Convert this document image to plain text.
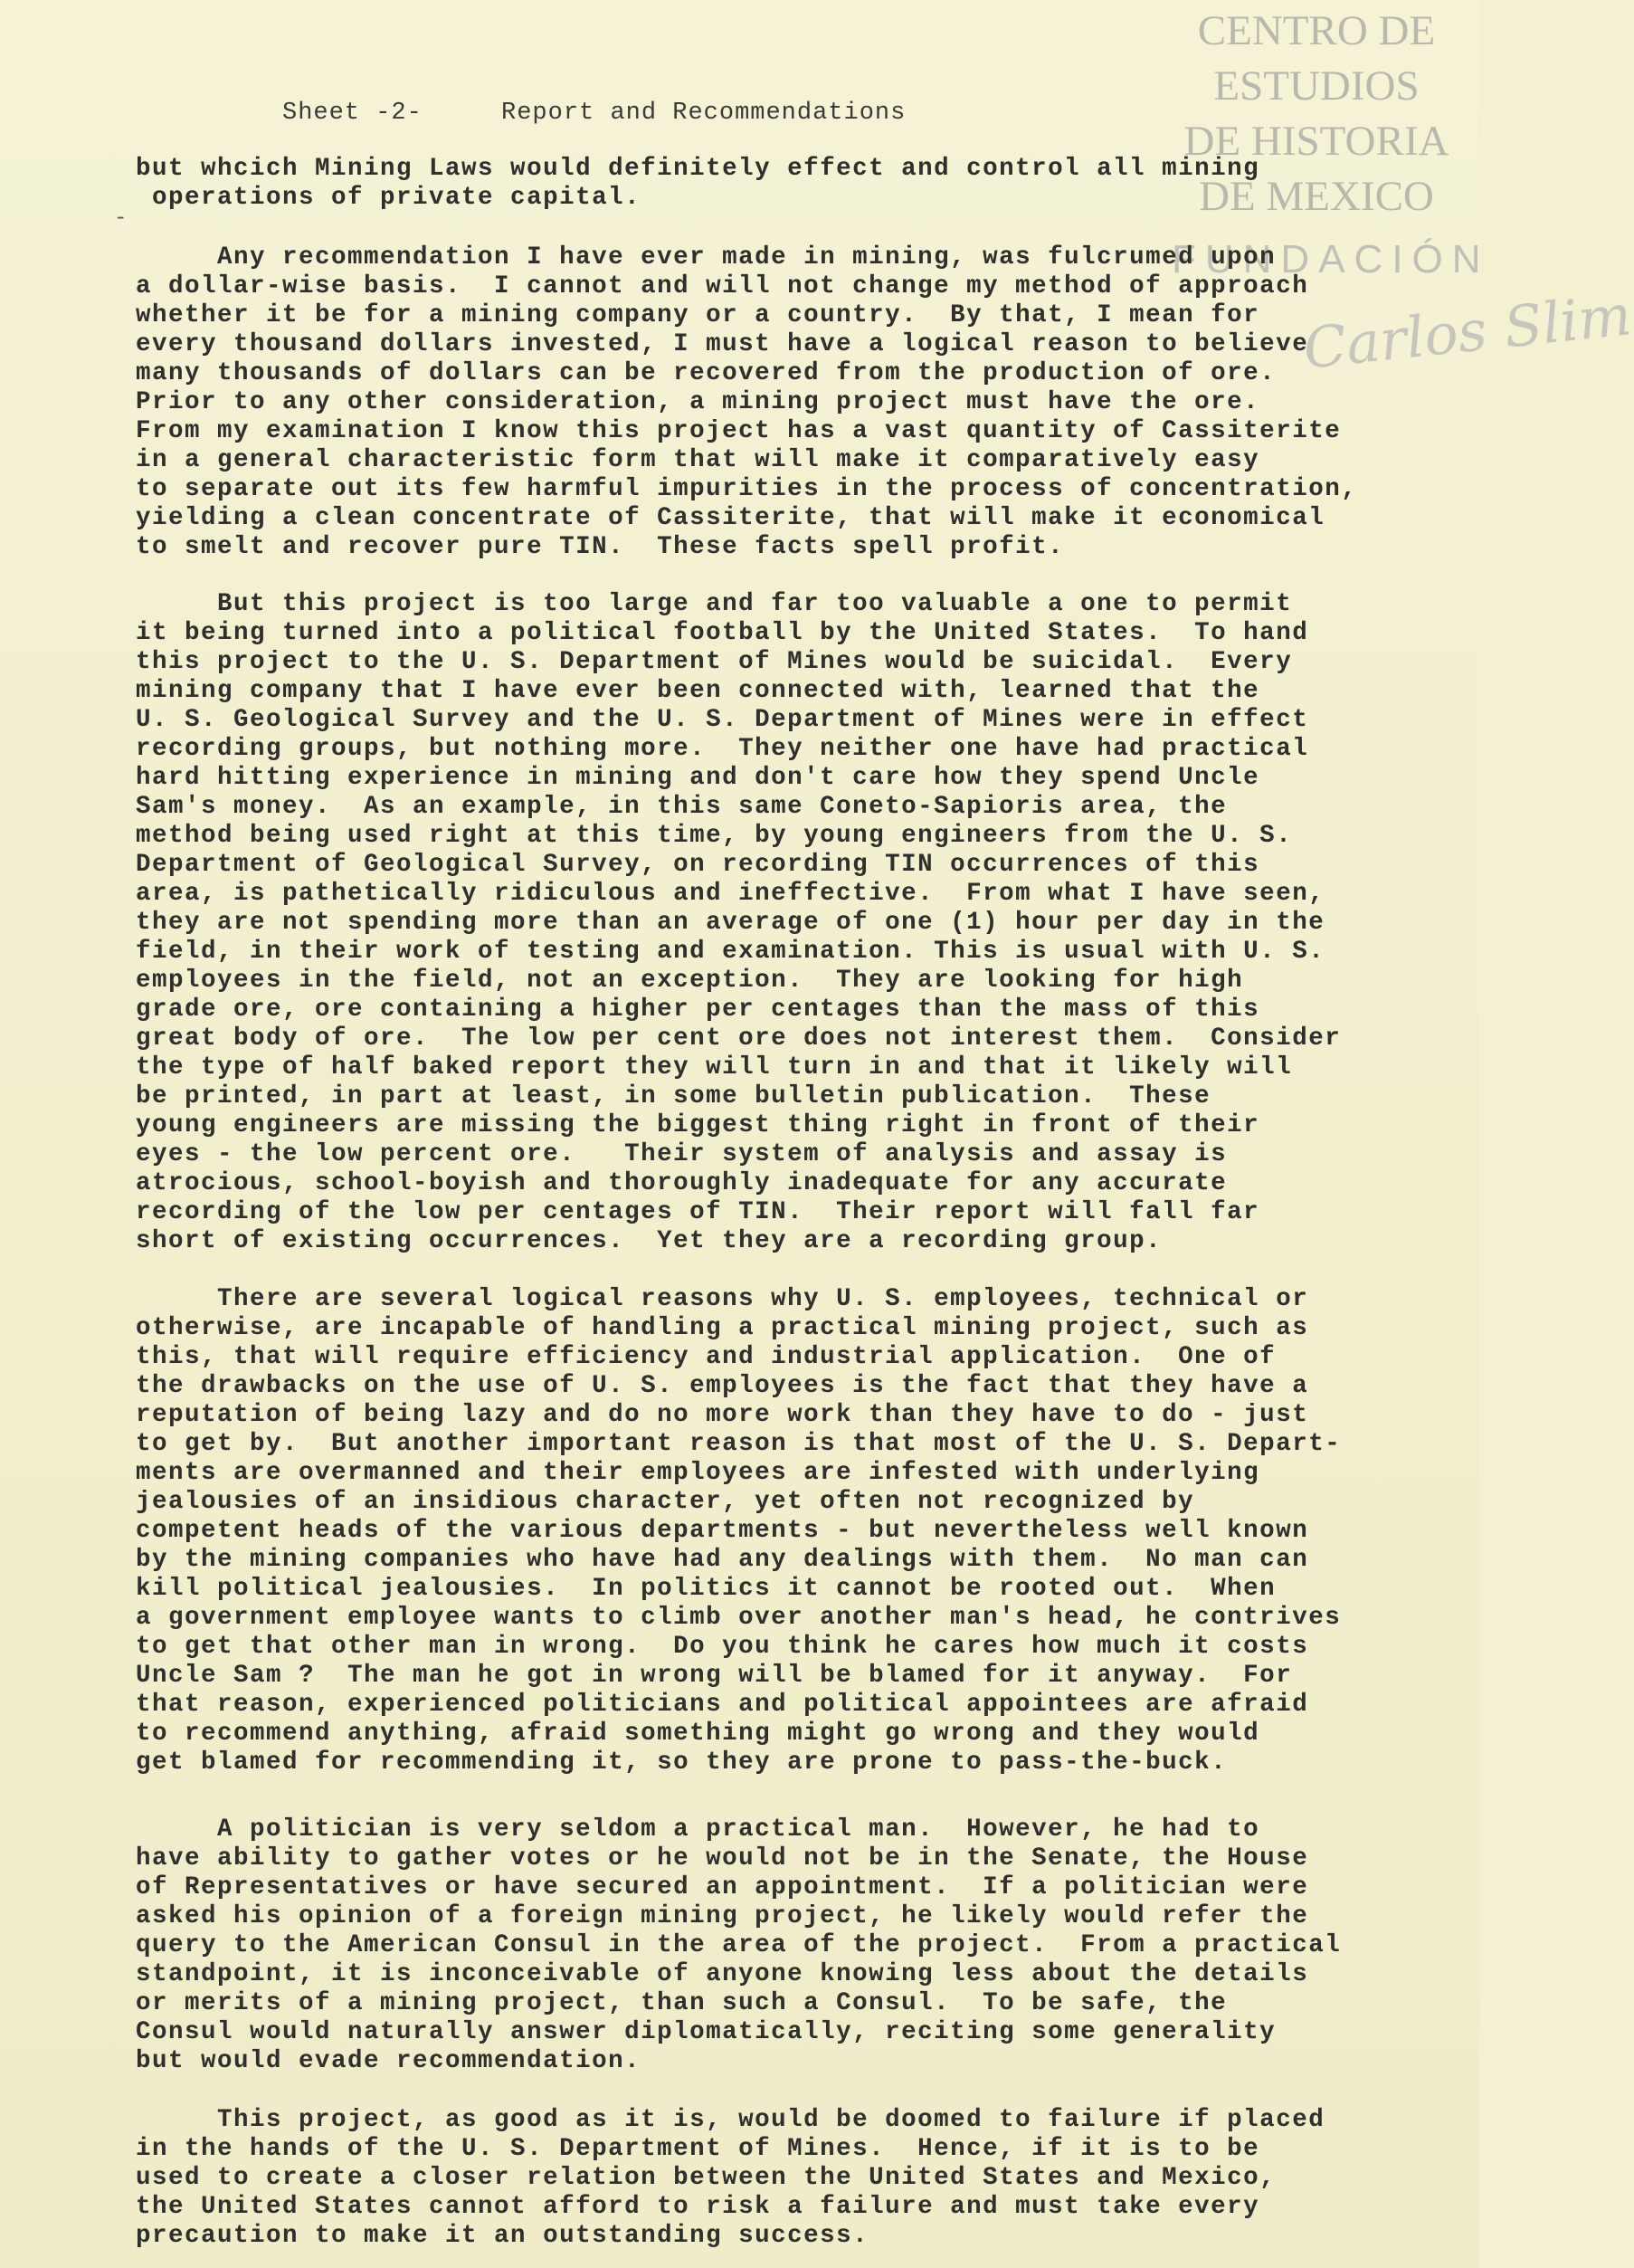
CENTRO DE
ESTUDIOS
DE HISTORIA
DE MEXICO
FUNDACIÓN
Carlos Slim
Sheet -2-	Report and Recommendations
-
but whcich Mining Laws would definitely effect and control all mining
operations of private capital.
Any recommendation I have ever made in mining, was fulcrumed upon
a dollar-wise basis.  I cannot and will not change my method of approach
whether it be for a mining company or a country.  By that, I mean for
every thousand dollars invested, I must have a logical reason to believe
many thousands of dollars can be recovered from the production of ore.
Prior to any other consideration, a mining project must have the ore.
From my examination I know this project has a vast quantity of Cassiterite
in a general characteristic form that will make it comparatively easy
to separate out its few harmful impurities in the process of concentration,
yielding a clean concentrate of Cassiterite, that will make it economical
to smelt and recover pure TIN.  These facts spell profit.
But this project is too large and far too valuable a one to permit
it being turned into a political football by the United States.  To hand
this project to the U. S. Department of Mines would be suicidal.  Every
mining company that I have ever been connected with, learned that the
U. S. Geological Survey and the U. S. Department of Mines were in effect
recording groups, but nothing more.  They neither one have had practical
hard hitting experience in mining and don't care how they spend Uncle
Sam's money.  As an example, in this same Coneto-Sapioris area, the
method being used right at this time, by young engineers from the U. S.
Department of Geological Survey, on recording TIN occurrences of this
area, is pathetically ridiculous and ineffective.  From what I have seen,
they are not spending more than an average of one (1) hour per day in the
field, in their work of testing and examination. This is usual with U. S.
employees in the field, not an exception.  They are looking for high
grade ore, ore containing a higher per centages than the mass of this
great body of ore.  The low per cent ore does not interest them.  Consider
the type of half baked report they will turn in and that it likely will
be printed, in part at least, in some bulletin publication.  These
young engineers are missing the biggest thing right in front of their
eyes - the low percent ore.   Their system of analysis and assay is
atrocious, school-boyish and thoroughly inadequate for any accurate
recording of the low per centages of TIN.  Their report will fall far
short of existing occurrences.  Yet they are a recording group.
There are several logical reasons why U. S. employees, technical or
otherwise, are incapable of handling a practical mining project, such as
this, that will require efficiency and industrial application.  One of
the drawbacks on the use of U. S. employees is the fact that they have a
reputation of being lazy and do no more work than they have to do - just
to get by.  But another important reason is that most of the U. S. Depart-
ments are overmanned and their employees are infested with underlying
jealousies of an insidious character, yet often not recognized by
competent heads of the various departments - but nevertheless well known
by the mining companies who have had any dealings with them.  No man can
kill political jealousies.  In politics it cannot be rooted out.  When
a government employee wants to climb over another man's head, he contrives
to get that other man in wrong.  Do you think he cares how much it costs
Uncle Sam ?  The man he got in wrong will be blamed for it anyway.  For
that reason, experienced politicians and political appointees are afraid
to recommend anything, afraid something might go wrong and they would
get blamed for recommending it, so they are prone to pass-the-buck.
A politician is very seldom a practical man.  However, he had to
have ability to gather votes or he would not be in the Senate, the House
of Representatives or have secured an appointment.  If a politician were
asked his opinion of a foreign mining project, he likely would refer the
query to the American Consul in the area of the project.  From a practical
standpoint, it is inconceivable of anyone knowing less about the details
or merits of a mining project, than such a Consul.  To be safe, the
Consul would naturally answer diplomatically, reciting some generality
but would evade recommendation.
This project, as good as it is, would be doomed to failure if placed
in the hands of the U. S. Department of Mines.  Hence, if it is to be
used to create a closer relation between the United States and Mexico,
the United States cannot afford to risk a failure and must take every
precaution to make it an outstanding success.
